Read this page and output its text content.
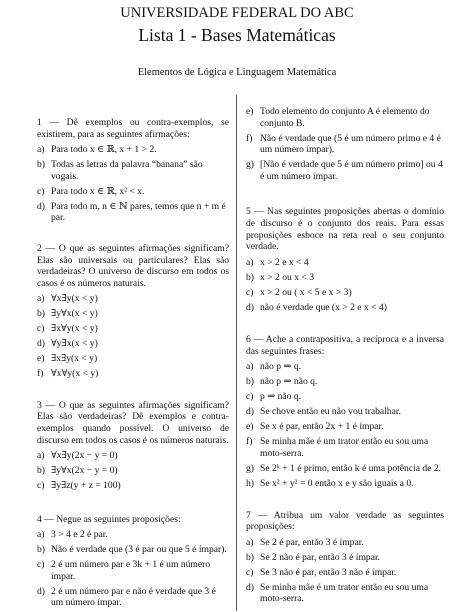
UNIVERSIDADE FEDERAL DO ABC
Lista 1 - Bases Matemáticas
Elementos de Lógica e Linguagem Matemática
1 — Dê exemplos ou contra-exemplos, se existirem, para as seguintes afirmações:
a) Para todo x ∈ ℝ, x + 1 > 2.
b) Todas as letras da palavra “banana” são vogais.
c) Para todo x ∈ ℝ, x² < x.
d) Para todo m, n ∈ ℕ pares, temos que n + m é par.
2 — O que as seguintes afirmações significam? Elas são universais ou particulares? Elas são verdadeiras? O universo de discurso em todos os casos é os números naturais.
a) ∀x∃y(x < y)
b) ∃y∀x(x < y)
c) ∃x∀y(x < y)
d) ∀y∃x(x < y)
e) ∃x∃y(x < y)
f) ∀x∀y(x < y)
3 — O que as seguintes afirmações significam? Elas são verdadeiras? Dê exemplos e contra-exemplos quando possível. O universo de discurso em todos os casos é os números naturais.
a) ∀x∃y(2x − y = 0)
b) ∃y∀x(2x − y = 0)
c) ∃y∃z(y + z = 100)
4 — Negue as seguintes proposições:
a) 3 > 4 e 2 é par.
b) Não é verdade que (3 é par ou que 5 é ímpar).
c) 2 é um número par e 3k + 1 é um número ímpar.
d) 2 é um número par e não é verdade que 3 é um número ímpar.
e) Todo elemento do conjunto A é elemento do conjunto B.
f) Não é verdade que (5 é um número primo e 4 é um número ímpar).
g) [Não é verdade que 5 é um número primo] ou 4 é um número ímpar.
5 — Nas seguintes proposições abertas o domínio de discurso é o conjunto dos reais. Para essas proposições esboce na reta real o seu conjunto verdade.
a) x > 2 e x < 4
b) x > 2 ou x < 3
c) x > 2 ou ( x < 5 e x > 3)
d) não é verdade que (x > 2 e x < 4)
6 — Ache a contrapositiva, a recíproca e a inversa das seguintes frases:
a) não p ⇒ q.
b) não p ⇒ não q.
c) p ⇒ não q.
d) Se chove então eu não vou trabalhar.
e) Se x é par, então 2x + 1 é ímpar.
f) Se minha mãe é um trator então eu sou uma moto-serra.
g) Se 2ᵏ + 1 é primo, então k é uma potência de 2.
h) Se x² + y² = 0 então x e y são iguais a 0.
7 — Atribua um valor verdade as seguintes proposições:
a) Se 2 é par, então 3 é ímpar.
b) Se 2 não é par, então 3 é ímpar.
c) Se 3 não é par, então 3 não é ímpar.
d) Se minha mãe é um trator então eu sou uma moto-serra.
